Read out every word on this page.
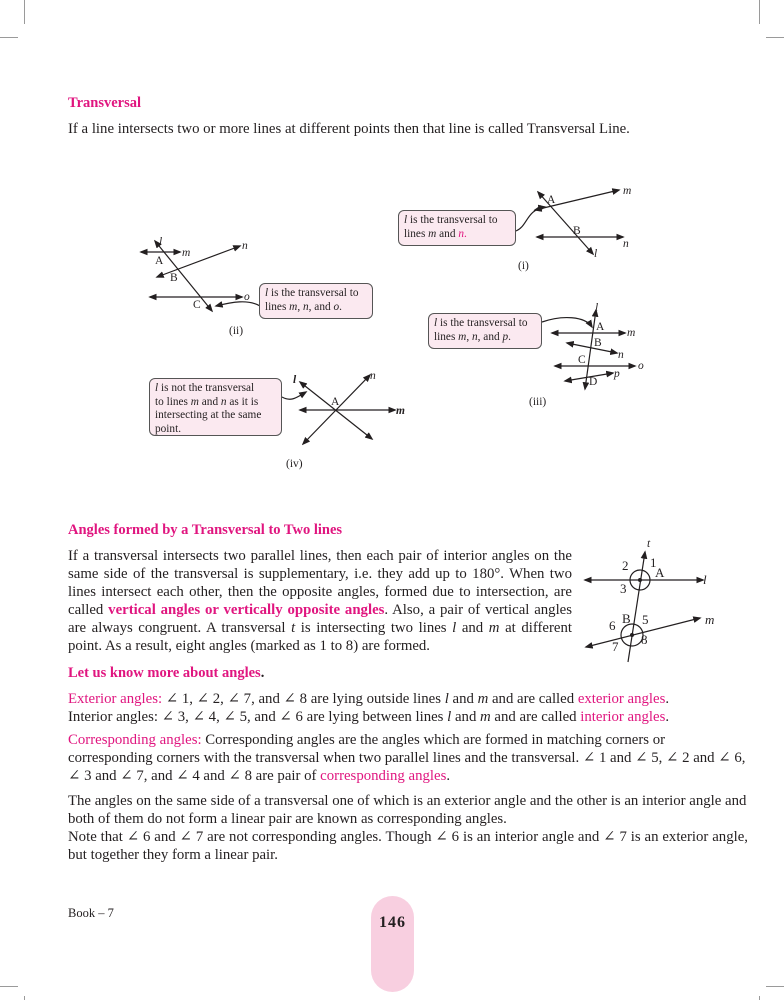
Transversal
If a line intersects two or more lines at different points then that line is called Transversal Line.
l is the transversal to
lines m and n.
A
B
m
n
l
(i)
l is the transversal to
lines m, n, and o.
l
A
m
n
B
C
o
(ii)
l is the transversal to
lines m, n, and p.
l
A m
B
n
C	o
p
D
(iii)
l is not the transversal
to lines m and n as it is
intersecting at the same
point.
l	n
A
m
(iv)
Angles formed by a Transversal to Two lines
If a transversal intersects two parallel lines, then each pair of interior angles on the same side of the transversal is supplementary, i.e. they add up to 180°. When two lines intersect each other, then the opposite angles, formed due to intersection, are called vertical angles or vertically opposite angles. Also, a pair of vertical angles are always congruent. A transversal t is intersecting two lines l and m at different point. As a result, eight angles (marked as 1 to 8) are formed.
t
2 1
A
3
l
B 5
6	m
8
7
Let us know more about angles.
Exterior angles: ∠ 1, ∠ 2, ∠ 7, and ∠ 8 are lying outside lines l and m and are called exterior angles.
Interior angles: ∠ 3, ∠ 4, ∠ 5, and ∠ 6 are lying between lines l and m and are called interior angles.
Corresponding angles: Corresponding angles are the angles which are formed in matching corners or corresponding corners with the transversal when two parallel lines and the transversal. ∠ 1 and ∠ 5, ∠ 2 and ∠ 6, ∠ 3 and ∠ 7, and ∠ 4 and ∠ 8 are pair of corresponding angles.
The angles on the same side of a transversal one of which is an exterior angle and the other is an interior angle and both of them do not form a linear pair are known as corresponding angles.
Note that ∠ 6 and ∠ 7 are not corresponding angles. Though ∠ 6 is an interior angle and ∠ 7 is an exterior angle, but together they form a linear pair.
Book – 7
146
